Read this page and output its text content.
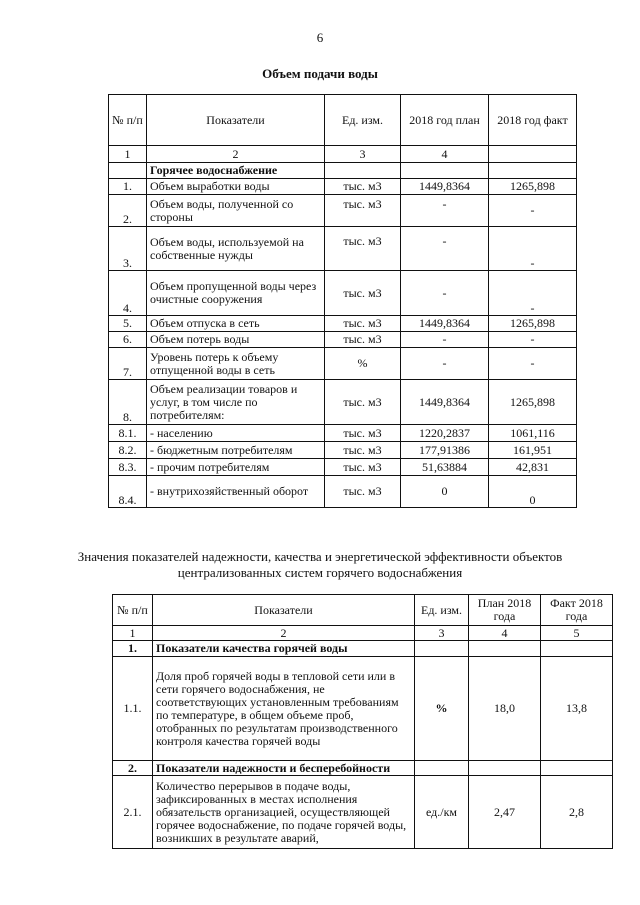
6
Объем подачи воды
№ п/п	Показатели	Ед. изм.	2018 год план	2018 год факт
1	2	3	4	
	Горячее водоснабжение			
1.	Объем выработки воды	тыс. м3	1449,8364	1265,898
2.	Объем воды, полученной со стороны	тыс. м3	-	-
3.	Объем воды, используемой на собственные нужды	тыс. м3	-	-
4.	Объем пропущенной воды через очистные сооружения	тыс. м3	-	-
5.	Объем отпуска в сеть	тыс. м3	1449,8364	1265,898
6.	Объем потерь воды	тыс. м3	-	-
7.	Уровень потерь к объему отпущенной воды в сеть	%	-	-
8.	Объем реализации товаров и услуг, в том числе по потребителям:	тыс. м3	1449,8364	1265,898
8.1.	- населению	тыс. м3	1220,2837	1061,116
8.2.	- бюджетным потребителям	тыс. м3	177,91386	161,951
8.3.	- прочим потребителям	тыс. м3	51,63884	42,831
8.4.	- внутрихозяйственный оборот	тыс. м3	0	0
Значения показателей надежности, качества и энергетической эффективности объектов
централизованных систем горячего водоснабжения
№ п/п	Показатели	Ед. изм.	План 2018 года	Факт 2018 года
1	2	3	4	5
1.	Показатели качества горячей воды			
1.1.	Доля проб горячей воды в тепловой сети или в сети горячего водоснабжения, не соответствующих установленным требованиям по температуре, в общем объеме проб, отобранных по результатам производственного контроля качества горячей воды	%	18,0	13,8
2.	Показатели надежности и бесперебойности			
2.1.	Количество перерывов в подаче воды, зафиксированных в местах исполнения обязательств организацией, осуществляющей горячее водоснабжение, по подаче горячей воды, возникших в результате аварий,	ед./км	2,47	2,8
